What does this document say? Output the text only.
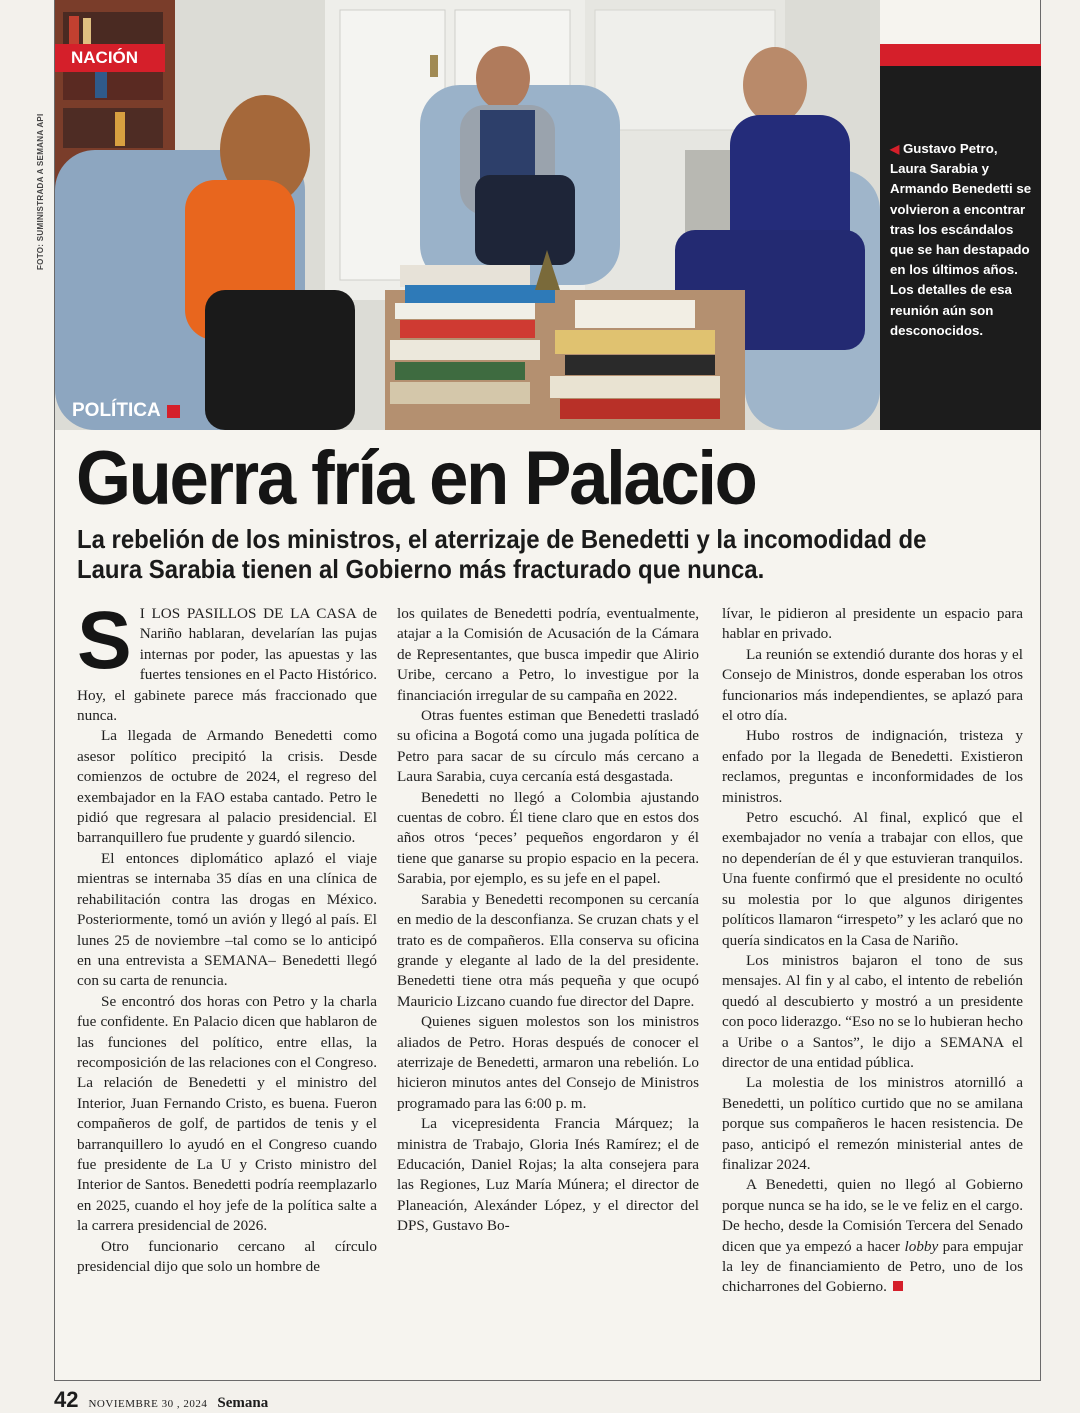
FOTO: SUMINISTRADA A SEMANA API
NACIÓN
◀ Gustavo Petro, Laura Sarabia y Armando Benedetti se volvieron a encontrar tras los escándalos que se han destapado en los últimos años. Los detalles de esa reunión aún son desconocidos.
POLÍTICA
Guerra fría en Palacio
La rebelión de los ministros, el aterrizaje de Benedetti y la incomodidad de Laura Sarabia tienen al Gobierno más fracturado que nunca.

S I LOS PASILLOS DE LA CASA de Nariño hablaran, develarían las pujas internas por poder, las apuestas y las fuertes tensiones en el Pacto Histórico. Hoy, el gabinete parece más fraccionado que nunca.

La llegada de Armando Benedetti como asesor político precipitó la crisis. Desde comienzos de octubre de 2024, el regreso del exembajador en la FAO estaba cantado. Petro le pidió que regresara al palacio presidencial. El barranquillero fue prudente y guardó silencio.

El entonces diplomático aplazó el viaje mientras se internaba 35 días en una clínica de rehabilitación contra las drogas en México. Posteriormente, tomó un avión y llegó al país. El lunes 25 de noviembre –tal como se lo anticipó en una entrevista a SEMANA– Benedetti llegó con su carta de renuncia.

Se encontró dos horas con Petro y la charla fue confidente. En Palacio dicen que hablaron de las funciones del político, entre ellas, la recomposición de las relaciones con el Congreso. La relación de Benedetti y el ministro del Interior, Juan Fernando Cristo, es buena. Fueron compañeros de golf, de partidos de tenis y el barranquillero lo ayudó en el Congreso cuando fue presidente de La U y Cristo ministro del Interior de Santos. Benedetti podría reemplazarlo en 2025, cuando el hoy jefe de la política salte a la carrera presidencial de 2026.

Otro funcionario cercano al círculo presidencial dijo que solo un hombre de

los quilates de Benedetti podría, eventualmente, atajar a la Comisión de Acusación de la Cámara de Representantes, que busca impedir que Alirio Uribe, cercano a Petro, lo investigue por la financiación irregular de su campaña en 2022.

Otras fuentes estiman que Benedetti trasladó su oficina a Bogotá como una jugada política de Petro para sacar de su círculo más cercano a Laura Sarabia, cuya cercanía está desgastada.

Benedetti no llegó a Colombia ajustando cuentas de cobro. Él tiene claro que en estos dos años otros ‘peces’ pequeños engordaron y él tiene que ganarse su propio espacio en la pecera. Sarabia, por ejemplo, es su jefe en el papel.

Sarabia y Benedetti recomponen su cercanía en medio de la desconfianza. Se cruzan chats y el trato es de compañeros. Ella conserva su oficina grande y elegante al lado de la del presidente. Benedetti tiene otra más pequeña y que ocupó Mauricio Lizcano cuando fue director del Dapre.

Quienes siguen molestos son los ministros aliados de Petro. Horas después de conocer el aterrizaje de Benedetti, armaron una rebelión. Lo hicieron minutos antes del Consejo de Ministros programado para las 6:00 p. m.

La vicepresidenta Francia Márquez; la ministra de Trabajo, Gloria Inés Ramírez; el de Educación, Daniel Rojas; la alta consejera para las Regiones, Luz María Múnera; el director de Planeación, Alexánder López, y el director del DPS, Gustavo Bo-

lívar, le pidieron al presidente un espacio para hablar en privado.

La reunión se extendió durante dos horas y el Consejo de Ministros, donde esperaban los otros funcionarios más independientes, se aplazó para el otro día.

Hubo rostros de indignación, tristeza y enfado por la llegada de Benedetti. Existieron reclamos, preguntas e inconformidades de los ministros.

Petro escuchó. Al final, explicó que el exembajador no venía a trabajar con ellos, que no dependerían de él y que estuvieran tranquilos. Una fuente confirmó que el presidente no ocultó su molestia por lo que algunos dirigentes políticos llamaron “irrespeto” y les aclaró que no quería sindicatos en la Casa de Nariño.

Los ministros bajaron el tono de sus mensajes. Al fin y al cabo, el intento de rebelión quedó al descubierto y mostró a un presidente con poco liderazgo. “Eso no se lo hubieran hecho a Uribe o a Santos”, le dijo a SEMANA el director de una entidad pública.

La molestia de los ministros atornilló a Benedetti, un político curtido que no se amilana porque sus compañeros le hacen resistencia. De paso, anticipó el remezón ministerial antes de finalizar 2024.

A Benedetti, quien no llegó al Gobierno porque nunca se ha ido, se le ve feliz en el cargo. De hecho, desde la Comisión Tercera del Senado dicen que ya empezó a hacer lobby para empujar la ley de financiamiento de Petro, uno de los chicharrones del Gobierno.

42 NOVIEMBRE 30 , 2024 Semana
